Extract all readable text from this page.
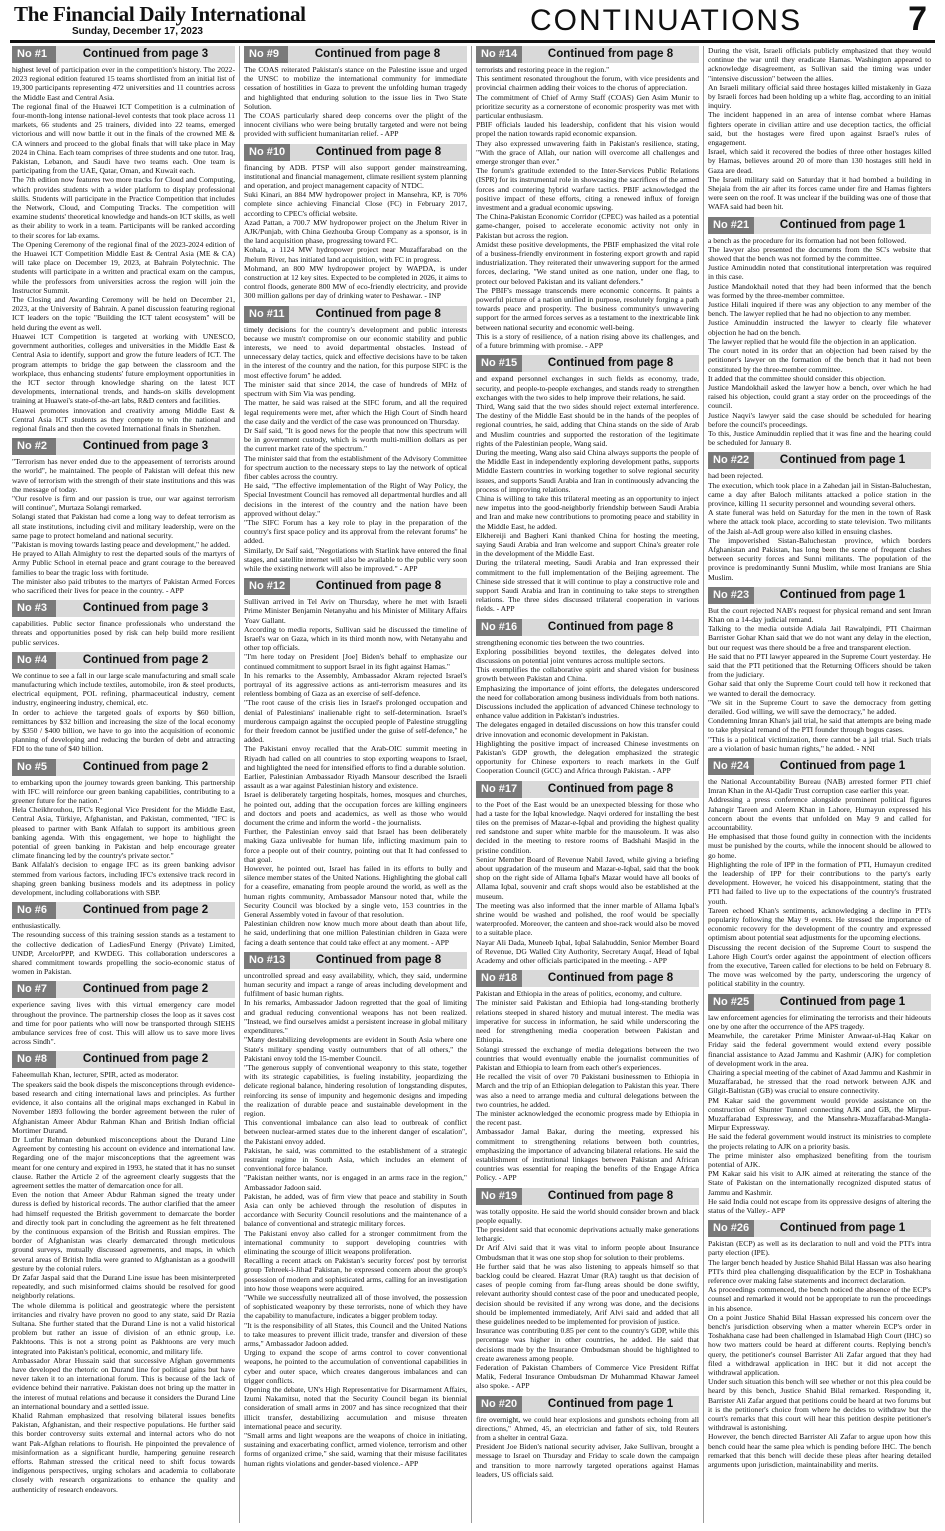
The Financial Daily International
Sunday, December 17, 2023	CONTINUATIONS	7
No #1	Continued from page 3

highest level of participation ever in the competition's history. The 2022-2023 regional edition featured 15 teams shortlisted from an initial list of 19,300 participants representing 472 universities and 11 countries across the Middle East and Central Asia.

The regional final of the Huawei ICT Competition is a culmination of four-month-long intense national-level contests that took place across 11 markets, 66 students and 25 trainers, divided into 22 teams, emerged victorious and will now battle it out in the finals of the crowned ME & CA winners and proceed to the global finals that will take place in May 2024 in China. Each team comprises of three students and one tutor. Iraq, Pakistan, Lebanon, and Saudi have two teams each. One team is participating from the UAE, Qatar, Oman, and Kuwait each.

The 7th edition now features two more tracks for Cloud and Computing, which provides students with a wider platform to display professional skills. Students will participate in the Practice Competition that includes the Network, Cloud, and Computing Tracks. The competition will examine students' theoretical knowledge and hands-on ICT skills, as well as their ability to work in a team. Participants will be ranked according to their scores for lab exams.

The Opening Ceremony of the regional final of the 2023-2024 edition of the Huawei ICT Competition Middle East & Central Asia (ME & CA) will take place on December 19, 2023, at Bahrain Polytechnic. The students will participate in a written and practical exam on the campus, while the professors from universities across the region will join the Instructor Summit.

The Closing and Awarding Ceremony will be held on December 21, 2023, at the University of Bahrain. A panel discussion featuring regional ICT leaders on the topic "Building the ICT talent ecosystem" will be held during the event as well.

Huawei ICT Competition is targeted at working with UNESCO, government authorities, colleges and universities in the Middle East & Central Asia to identify, support and grow the future leaders of ICT. The program attempts to bridge the gap between the classroom and the workplace, thus enhancing students' future employment opportunities in the ICT sector through knowledge sharing on the latest ICT developments, international trends, and hands-on skills development training at Huawei's state-of-the-art labs, R&D centers and facilities.

Huawei promotes innovation and creativity among Middle East & Central Asia ICT students as they compete to win the national and regional finals and then the coveted International finals in Shenzhen.

No #2	Continued from page 3

"Terrorism has never ended due to the appeasement of terrorists around the world", he maintained. The people of Pakistan will defeat this new wave of terrorism with the strength of their state institutions and this was the message of today.

"Our resolve is firm and our passion is true, our war against terrorism will continue", Murtaza Solangi remarked.

Solangi stated that Pakistan had come a long way to defeat terrorism as all state institutions, including civil and military leadership, were on the same page to protect homeland and national security.

"Pakistan is moving towards lasting peace and development," he added.

He prayed to Allah Almighty to rest the departed souls of the martyrs of Army Public School in eternal peace and grant courage to the bereaved families to bear the tragic loss with fortitude.

The minister also paid tributes to the martyrs of Pakistan Armed Forces who sacrificed their lives for peace in the country. - APP

No #3	Continued from page 3

capabilities. Public sector finance professionals who understand the threats and opportunities posed by risk can help build more resilient public services.

No #4	Continued from page 2

We continue to see a fall in our large scale manufacturing and small scale manufacturing which include textiles, automobile, iron & steel products, electrical equipment, POL refining, pharmaceutical industry, cement industry, engineering industry, chemical, etc.

In order to achieve the targeted goals of exports by $60 billion, remittances by $32 billion and increasing the size of the local economy by $350 / $400 billion, we have to go into the acquisition of economic planning of developing and reducing the burden of debt and attracting FDI to the tune of $40 billion.

No #5	Continued from page 2

to embarking upon the journey towards green banking. This partnership with IFC will reinforce our green banking capabilities, contributing to a greener future for the nation."

Hela Cheikhrouhou, IFC's Regional Vice President for the Middle East, Central Asia, Türkiye, Afghanistan, and Pakistan, commented, "IFC is pleased to partner with Bank Alfalah to support its ambitious green banking agenda. With this engagement, we hope to highlight the potential of green banking in Pakistan and help encourage greater climate financing led by the country's private sector."

Bank Alfalah's decision to engage IFC as its green banking advisor stemmed from various factors, including IFC's extensive track record in shaping green banking business models and its adeptness in policy development, including collaborations with SBP.

No #6	Continued from page 2

enthusiastically.

The resounding success of this training session stands as a testament to the collective dedication of LadiesFund Energy (Private) Limited, UNDP, ArcelorPPP, and KWDEG. This collaboration underscores a shared commitment towards propelling the socio-economic status of women in Pakistan.

No #7	Continued from page 2

experience saving lives with this virtual emergency care model throughout the province. The partnership closes the loop as it saves cost and time for poor patients who will now be transported through SIEHS ambulance services free of cost. This will allow us to save more lives across Sindh".

No #8	Continued from page 2

Faheemullah Khan, lecturer, SPIR, acted as moderator.

The speakers said the book dispels the misconceptions through evidence-based research and citing international laws and principles. As further evidence, it also contains all the original maps exchanged in Kabul in November 1893 following the border agreement between the ruler of Afghanistan Ameer Abdur Rahman Khan and British Indian official Mortimer Durand.

Dr Lutfur Rehman debunked misconceptions about the Durand Line Agreement by contesting his account on evidence and international law. Regarding one of the major misconceptions that the agreement was meant for one century and expired in 1993, he stated that it has no sunset clause. Rather the Article 2 of the agreement clearly suggests that the agreement settles the matter of demarcation once for all.

Even the notion that Ameer Abdur Rahman signed the treaty under duress is defied by historical records. The author clarified that the ameer had himself requested the British government to demarcate the border and directly took part in concluding the agreement as he felt threatened by the continuous expansion of the British and Russian empires. The border of Afghanistan was clearly demarcated through meticulous ground surveys, mutually discussed agreements, and maps, in which several areas of British India were granted to Afghanistan as a goodwill gesture by the colonial rulers.

Dr Zafar Jaspal said that the Durand Line issue has been misinterpreted repeatedly, and such misinformed claims should be resolved for good neighborly relations.

The whole dilemma is political and geostrategic where the persistent irritancies and rivalry have proven no good to any state, said Dr Razia Sultana. She further stated that the Durand Line is not a valid historical problem but rather an issue of division of an ethnic group, i.e. Pakhtoons. This is not a strong point as Pakhtoons are very much integrated into Pakistan's political, economic, and military life.

Ambassador Abrar Hussain said that successive Afghan governments have developed the rhetoric on Durand line for political gains but have never taken it to an international forum. This is because of the lack of evidence behind their narrative. Pakistan does not bring up the matter in the interest of mutual relations and because it considers the Durand Line an international boundary and a settled issue.

Khalid Rahman emphasized that resolving bilateral issues benefits Pakistan, Afghanistan, and their respective populations. He further said this border controversy suits external and internal actors who do not want Pak-Afghan relations to flourish. He pinpointed the prevalence of misinformation as a significant hurdle, hampering genuine research efforts. Rahman stressed the critical need to shift focus towards indigenous perspectives, urging scholars and academia to collaborate closely with research organizations to enhance the quality and authenticity of research endeavors.

No #9	Continued from page 8

The COAS reiterated Pakistan's stance on the Palestine issue and urged the UNSC to mobilize the international community for immediate cessation of hostilities in Gaza to prevent the unfolding human tragedy and highlighted that enduring solution to the issue lies in Two State Solution.

The COAS particularly shared deep concerns over the plight of the innocent civilians who were being brutally targeted and were not being provided with sufficient humanitarian relief. - APP

No #10	Continued from page 8

financing by ADB. PTSP will also support gender mainstreaming, institutional and financial management, climate resilient system planning and operation, and project management capacity of NTDC.

Suki Kinari, an 884 MW hydropower project in Mansehra, KP, is 70% complete since achieving Financial Close (FC) in February 2017, according to CPEC's official website.

Azad Pattan, a 700.7 MW hydropower project on the Jhelum River in AJK/Punjab, with China Gezhouba Group Company as a sponsor, is in the land acquisition phase, progressing toward FC.

Kohala, a 1124 MW hydropower project near Muzaffarabad on the Jhelum River, has initiated land acquisition, with FC in progress.

Mohmand, an 800 MW hydropower project by WAPDA, is under construction at 12 key sites. Expected to be completed in 2026, it aims to control floods, generate 800 MW of eco-friendly electricity, and provide 300 million gallons per day of drinking water to Peshawar. - INP

No #11	Continued from page 8

timely decisions for the country's development and public interests because we mustn't compromise on our economic stability and public interests, we need to avoid departmental obstacles. Instead of unnecessary delay tactics, quick and effective decisions have to be taken in the interest of the country and the nation, for this purpose SIFC is the most effective forum" he added.

The minister said that since 2014, the case of hundreds of MHz of spectrum with Sim Via was pending.

The matter, he said was raised at the SIFC forum, and all the required legal requirements were met, after which the High Court of Sindh heard the case daily and the verdict of the case was pronounced on Thursday.

Dr Saif said, "It is good news for the people that now this spectrum will be in government custody, which is worth multi-million dollars as per the current market rate of the spectrum."

The minister said that from the establishment of the Advisory Committee for spectrum auction to the necessary steps to lay the network of optical fiber cables across the country.

He said, "The effective implementation of the Right of Way Policy, the Special Investment Council has removed all departmental hurdles and all decisions in the interest of the country and the nation have been approved without delay."

"The SIFC Forum has a key role to play in the preparation of the country's first space policy and its approval from the relevant forums" he added.

Similarly, Dr Saif said, "Negotiations with Starlink have entered the final stages, and satellite internet will also be available to the public very soon while the existing network will also be improved." - APP

No #12	Continued from page 8

Sullivan arrived in Tel Aviv on Thursday, where he met with Israeli Prime Minister Benjamin Netanyahu and his Minister of Military Affairs Yoav Gallant.

According to media reports, Sullivan said he discussed the timeline of Israel's war on Gaza, which in its third month now, with Netanyahu and other top officials.

"I'm here today on President [Joe] Biden's behalf to emphasize our continued commitment to support Israel in its fight against Hamas."

In his remarks to the Assembly, Ambassador Akram rejected Israel's portrayal of its aggressive actions as anti-terrorism measures and its relentless bombing of Gaza as an exercise of self-defence.

"The root cause of the crisis lies in Israel's prolonged occupation and denial of Palestinians' inalienable right to self-determination. Israel's murderous campaign against the occupied people of Palestine struggling for their freedom cannot be justified under the guise of self-defence," he added.

The Pakistani envoy recalled that the Arab-OIC summit meeting in Riyadh had called on all countries to stop exporting weapons to Israel, and highlighted the need for intensified efforts to find a durable solution.

Earlier, Palestinian Ambassador Riyadh Mansour described the Israeli assault as a war against Palestinian history and existence.

Israel is deliberately targeting hospitals, homes, mosques and churches, he pointed out, adding that the occupation forces are killing engineers and doctors and poets and academics, as well as those who would document the crime and inform the world - the journalists.

Further, the Palestinian envoy said that Israel has been deliberately making Gaza unliveable for human life, inflicting maximum pain to force a people out of their country, pointing out that It had confessed to that goal.

However, he pointed out, Israel has failed in its efforts to bully and silence member states of the United Nations. Highlighting the global call for a ceasefire, emanating from people around the world, as well as the human rights community, Ambassador Mansour noted that, while the Security Council was blocked by a single veto, 153 countries in the General Assembly voted in favour of that resolution.

Palestinian children now know much more about death than about life, he said, underlining that one million Palestinian children in Gaza were facing a death sentence that could take effect at any moment. - APP

No #13	Continued from page 8

uncontrolled spread and easy availability, which, they said, undermine human security and impact a range of areas including development and fulfilment of basic human rights.

In his remarks, Ambassador Jadoon regretted that the goal of limiting and gradual reducing conventional weapons has not been realized. "Instead, we find ourselves amidst a persistent increase in global military expenditures."

"Many destabilizing developments are evident in South Asia where one State's military spending vastly outnumbers that of all others," the Pakistani envoy told the 15-member Council.

"The generous supply of conventional weaponry to this state, together with its strategic capabilities, is fueling instability, jeopardizing the delicate regional balance, hindering resolution of longstanding disputes, reinforcing its sense of impunity and hegemonic designs and impeding the realization of durable peace and sustainable development in the region.

This conventional imbalance can also lead to outbreak of conflict between nuclear-armed states due to the inherent danger of escalation", the Pakistani envoy added.

Pakistan, he said, was committed to the establishment of a strategic restraint regime in South Asia, which includes an element of conventional force balance.

"Pakistan neither wants, nor is engaged in an arms race in the region," Ambassador Jadoon said.

Pakistan, he added, was of firm view that peace and stability in South Asia can only be achieved through the resolution of disputes in accordance with Security Council resolutions and the maintenance of a balance of conventional and strategic military forces.

The Pakistani envoy also called for a stronger commitment from the international community to support developing countries with eliminating the scourge of illicit weapons proliferation.

Recalling a recent attack on Pakistan's security forces' post by terrorist group Tehreek-i-Jihad Pakistan, he expressed concern about the group's possession of modern and sophisticated arms, calling for an investigation into how those weapons were acquired.

"While we successfully neutralized all of those involved, the possession of sophisticated weaponry by these terrorists, none of which they have the capability to manufacture, indicates a bigger problem today.

"It is the responsibility of all States, this Council and the United Nations to take measures to prevent illicit trade, transfer and diversion of these arms," Ambassador Jadoon added.

Urging to expand the scope of arms control to cover conventional weapons, he pointed to the accumulation of conventional capabilities in cyber and outer space, which creates dangerous imbalances and can trigger conflicts.

Opening the debate, UN's High Representative for Disarmament Affairs, Izumi Nakamitsu, noted that the Security Council began its biennial consideration of small arms in 2007 and has since recognized that their illicit transfer, destabilizing accumulation and misuse threaten international peace and security.

"Small arms and light weapons are the weapons of choice in initiating, sustaining and exacerbating conflict, armed violence, terrorism and other forms of organized crime," she said, warning that their misuse facilitates human rights violations and gender-based violence.- APP

No #14	Continued from page 8

terrorists and restoring peace in the region."

This sentiment resonated throughout the forum, with vice presidents and provincial chairmen adding their voices to the chorus of appreciation.

The commitment of Chief of Army Staff (COAS) Gen Asim Munir to prioritize security as a cornerstone of economic prosperity was met with particular enthusiasm.

PBIF officials lauded his leadership, confident that his vision would propel the nation towards rapid economic expansion.

They also expressed unwavering faith in Pakistan's resilience, stating, "With the grace of Allah, our nation will overcome all challenges and emerge stronger than ever."

The forum's gratitude extended to the Inter-Services Public Relations (ISPR) for its instrumental role in showcasing the sacrifices of the armed forces and countering hybrid warfare tactics. PBIF acknowledged the positive impact of these efforts, citing a renewed influx of foreign investment and a gradual economic upswing.

The China-Pakistan Economic Corridor (CPEC) was hailed as a potential game-changer, poised to accelerate economic activity not only in Pakistan but across the region.

Amidst these positive developments, the PBIF emphasized the vital role of a business-friendly environment in fostering export growth and rapid industrialization. They reiterated their unwavering support for the armed forces, declaring, "We stand united as one nation, under one flag, to protect our beloved Pakistan and its valiant defenders."

The PBIF's message transcends mere economic concerns. It paints a powerful picture of a nation unified in purpose, resolutely forging a path towards peace and prosperity. The business community's unwavering support for the armed forces serves as a testament to the inextricable link between national security and economic well-being.

This is a story of resilience, of a nation rising above its challenges, and of a future brimming with promise. - APP

No #15	Continued from page 8

and expand personnel exchanges in such fields as economy, trade, security, and people-to-people exchanges, and stands ready to strengthen exchanges with the two sides to help improve their relations, he said.

Third, Wang said that the two sides should reject external interference. The destiny of the Middle East should be in the hands of the peoples of regional countries, he said, adding that China stands on the side of Arab and Muslim countries and supported the restoration of the legitimate rights of the Palestinian people, Wang said.

During the meeting, Wang also said China always supports the people of the Middle East in independently exploring development paths, supports Middle Eastern countries in working together to solve regional security issues, and supports Saudi Arabia and Iran in continuously advancing the process of improving relations.

China is willing to take this trilateral meeting as an opportunity to inject new impetus into the good-neighborly friendship between Saudi Arabia and Iran and make new contributions to promoting peace and stability in the Middle East, he added.

Elkhereiji and Bagheri Kani thanked China for hosting the meeting, saying Saudi Arabia and Iran welcome and support China's greater role in the development of the Middle East.

During the trilateral meeting, Saudi Arabia and Iran expressed their commitment to the full implementation of the Beijing agreement. The Chinese side stressed that it will continue to play a constructive role and support Saudi Arabia and Iran in continuing to take steps to strengthen relations. The three sides discussed trilateral cooperation in various fields. - APP

No #16	Continued from page 8

strengthening economic ties between the two countries.

Exploring possibilities beyond textiles, the delegates delved into discussions on potential joint ventures across multiple sectors.

This exemplifies the collaborative spirit and shared vision for business growth between Pakistan and China.

Emphasizing the importance of joint efforts, the delegates underscored the need for collaboration among business individuals from both nations. Discussions included the application of advanced Chinese technology to enhance value addition in Pakistan's industries.

The delegates engaged in detailed discussions on how this transfer could drive innovation and economic development in Pakistan.

Highlighting the positive impact of increased Chinese investments on Pakistan's GDP growth, the delegation emphasized the strategic opportunity for Chinese exporters to reach markets in the Gulf Cooperation Council (GCC) and Africa through Pakistan. - APP

No #17	Continued from page 8

to the Poet of the East would be an unexpected blessing for those who had a taste for the Iqbal knowledge. Naqvi ordered for installing the best tiles on the premises of Mazar-e-Iqbal and providing the highest quality red sandstone and super white marble for the mausoleum. It was also decided in the meeting to restore rooms of Badshahi Masjid in the pristine condition.

Senior Member Board of Revenue Nabil Javed, while giving a briefing about upgradation of the museum and Mazar-e-Iqbal, said that the book shop on the right side of Allama Iqbal's Mazar would have all books of Allama Iqbal, souvenir and craft shops would also be established at the museum.

The meeting was also informed that the inner marble of Allama Iqbal's shrine would be washed and polished, the roof would be specially waterproofed. Moreover, the canteen and shoe-rack would also be moved to a suitable place.

Nayar Ali Dada, Muneeb Iqbal, Iqbal Salahuddin, Senior Member Board of Revenue, DG Walled City Authority, Secretary Auqaf, Head of Iqbal Academy and other officials participated in the meeting. - APP

No #18	Continued from page 8

Pakistan and Ethiopia in the areas of politics, economy, and culture.

The minister said Pakistan and Ethiopia had long-standing brotherly relations steeped in shared history and mutual interest. The media was imperative for success in information, he said while underscoring the need for strengthening media cooperation between Pakistan and Ethiopia.

Solangi stressed the exchange of media delegations between the two countries that would eventually enable the journalist communities of Pakistan and Ethiopia to learn from each other's experiences.

He recalled the visit of over 70 Pakistani businessmen to Ethiopia in March and the trip of an Ethiopian delegation to Pakistan this year. There was also a need to arrange media and cultural delegations between the two countries, he added.

The minister acknowledged the economic progress made by Ethiopia in the recent past.

Ambassador Jamal Bakar, during the meeting, expressed his commitment to strengthening relations between both countries, emphasizing the importance of advancing bilateral relations. He said the establishment of institutional linkages between Pakistan and African countries was essential for reaping the benefits of the Engage Africa Policy. - APP

No #19	Continued from page 8

was totally opposite. He said the world should consider brown and black people equally.

The president said that economic deprivations actually make generations lethargic.

Dr Arif Alvi said that it was vital to inform people about Insurance Ombudsman that it was one stop shop for solution to their problems.

He further said that he was also listening to appeals himself so that backlog could be cleared. Hazrat Umar (RA) taught us that decision of cases of people coming from far-flung areas should be done swiftly, relevant authority should contest case of the poor and uneducated people, decision should be revisited if any wrong was done, and the decisions should be implemented immediately, Arif Alvi said and added that all these guidelines needed to be implemented for provision of justice.

Insurance was contributing 0.85 per cent to the country's GDP, while this percentage was higher in other countries, he added. He said that decisions made by the Insurance Ombudsman should be highlighted to create awareness among people.

Federation of Pakistan Chambers of Commerce Vice President Riffat Malik, Federal Insurance Ombudsman Dr Muhammad Khawar Jameel also spoke. - APP

No #20	Continued from page 1

fire overnight, we could hear explosions and gunshots echoing from all directions," Ahmed, 45, an electrician and father of six, told Reuters from a shelter in central Gaza.

President Joe Biden's national security adviser, Jake Sullivan, brought a message to Israel on Thursday and Friday to scale down the campaign and transition to more narrowly targeted operations against Hamas leaders, US officials said.

During the visit, Israeli officials publicly emphasized that they would continue the war until they eradicate Hamas. Washington appeared to acknowledge disagreement, as Sullivan said the timing was under "intensive discussion" between the allies.

An Israeli military official said three hostages killed mistakenly in Gaza by Israeli forces had been holding up a white flag, according to an initial inquiry.

The incident happened in an area of intense combat where Hamas fighters operate in civilian attire and use deception tactics, the official said, but the hostages were fired upon against Israel's rules of engagement.

Israel, which said it recovered the bodies of three other hostages killed by Hamas, believes around 20 of more than 130 hostages still held in Gaza are dead.

The Israeli military said on Saturday that it had bombed a building in Shejaia from the air after its forces came under fire and Hamas fighters were seen on the roof. It was unclear if the building was one of those that WAFA said had been hit.

No #21	Continued from page 1

a bench as the procedure for its formation had not been followed.

The lawyer also presented the documents from the SC's website that showed that the bench was not formed by the committee.

Justice Aminuddin noted that constitutional interpretation was required in this case.

Justice Mandokhail noted that they had been informed that the bench was formed by the three-member committee.

Justice Hilali inquired if there was any objection to any member of the bench. The lawyer replied that he had no objection to any member.

Justice Aminuddin instructed the lawyer to clearly file whatever objection he had on the bench.

The lawyer replied that he would file the objection in an application.

The court noted in its order that an objection had been raised by the petitioner's lawyer on the formation of the bench that it had not been constituted by the three-member committee.

It added that the committee should consider this objection.

Justice Mandokhail asked the lawyer how a bench, over which he had raised his objection, could grant a stay order on the proceedings of the council.

Justice Naqvi's lawyer said the case should be scheduled for hearing before the council's proceedings.

To this, Justice Aminuddin replied that it was fine and the hearing could be scheduled for January 8.

No #22	Continued from page 1

had been rejected.

The execution, which took place in a Zahedan jail in Sistan-Baluchestan, came a day after Baloch militants attacked a police station in the province, killing 11 security personnel and wounding several others.

A state funeral was held on Saturday for the men in the town of Rask where the attack took place, according to state television. Two militants of the Jaish al-Adl group were also killed in ensuing clashes.

The impoverished Sistan-Baluchestan province, which borders Afghanistan and Pakistan, has long been the scene of frequent clashes between security forces and Sunni militants. The population of the province is predominantly Sunni Muslim, while most Iranians are Shia Muslim.

No #23	Continued from page 1

But the court rejected NAB's request for physical remand and sent Imran Khan on a 14-day judicial remand.

Talking to the media outside Adiala Jail Rawalpindi, PTI Chairman Barrister Gohar Khan said that we do not want any delay in the election, but our request was there should be a free and transparent election.

He said that no PTI lawyer appeared in the Supreme Court yesterday. He said that the PTI petitioned that the Returning Officers should be taken from the judiciary.

Gohar said that only the Supreme Court could tell how it reckoned that we wanted to derail the democracy.

"We sit in the Supreme Court to save the democracy from getting derailed. God willing, we will save the democracy," he added.

Condemning Imran Khan's jail trial, he said that attempts are being made to take physical remand of the PTI founder through bogus cases.

"This is a political victimization, there cannot be a jail trial. Such trials are a violation of basic human rights," he added. - NNI

No #24	Continued from page 1

the National Accountability Bureau (NAB) arrested former PTI chief Imran Khan in the Al-Qadir Trust corruption case earlier this year.

Addressing a press conference alongside prominent political figures Jahangir Tareen and Aleem Khan in Lahore, Humayun expressed his concern about the events that unfolded on May 9 and called for accountability.

He emphasised that those found guilty in connection with the incidents must be punished by the courts, while the innocent should be allowed to go home.

Highlighting the role of IPP in the formation of PTI, Humayun credited the leadership of IPP for their contributions to the party's early development. However, he voiced his disappointment, stating that the PTI had failed to live up to the expectations of the country's frustrated youth.

Tareen echoed Khan's sentiments, acknowledging a decline in PTI's popularity following the May 9 events. He stressed the importance of economic recovery for the development of the country and expressed optimism about potential seat adjustments for the upcoming elections.

Discussing the recent decision of the Supreme Court to suspend the Lahore High Court's order against the appointment of election officers from the executive, Tareen called for elections to be held on February 8. The move was welcomed by the party, underscoring the urgency of political stability in the country.

No #25	Continued from page 1

law enforcement agencies for eliminating the terrorists and their hideouts one by one after the occurrence of the APS tragedy.

Meanwhile, the caretaker Prime Minister Anwaar-ul-Haq Kakar on Friday said the federal government would extend every possible financial assistance to Azad Jammu and Kashmir (AJK) for completion of development work in the area.

Chairing a special meeting of the cabinet of Azad Jammu and Kashmir in Muzaffarabad, he stressed that the road network between AJK and Gilgit-Baltistan (GB) was crucial to ensure connectivity.

PM Kakar said the government would provide assistance on the construction of Shunter Tunnel connecting AJK and GB, the Mirpur-Muzaffarabad Expressway, and the Mansehra-Muzaffarabad-Mangla-Mirpur Expressway.

He said the federal government would instruct its ministries to complete the projects relating to AJK on a priority basis.

The prime minister also emphasized benefiting from the tourism potential of AJK.

PM Kakar said his visit to AJK aimed at reiterating the stance of the State of Pakistan on the internationally recognized disputed status of Jammu and Kashmir.

He said India could not escape from its oppressive designs of altering the status of the Valley.- APP

No #26	Continued from page 1

Pakistan (ECP) as well as its declaration to null and void the PTI's intra party election (IPE).

The larger bench headed by Justice Shahid Bilal Hassan was also hearing PTI's third plea challenging disqualification by the ECP in Toshakhana reference over making false statements and incorrect declaration.

As proceedings commenced, the bench noticed the absence of the ECP's counsel and remarked it would not be appropriate to run the proceedings in his absence.

On a point Justice Shahid Bilal Hassan expressed his concern over the bench's jurisdiction observing when a matter wherein ECP's order in Toshakhana case had been challenged in Islamabad High Court (IHC) so how two matters could be heard at different courts. Replying bench's query, the petitioner's counsel Barrister Ali Zafar argued that they had filed a withdrawal application in IHC but it did not accept the withdrawal application.

Under such situation this bench will see whether or not this plea could be heard by this bench, Justice Shahid Bilal remarked. Responding it, Barrister Ali Zafar argued that petitions could be heard at two forums but it is the petitioner's choice from where he decides to withdraw but the court's remarks that this court will hear this petition despite petitioner's withdrawal is astonishing.

However, the bench directed Barrister Ali Zafar to argue upon how this bench could hear the same plea which is pending before IHC. The bench remarked that this bench will decide these pleas after hearing detailed arguments upon jurisdiction, maintainability and merits.
